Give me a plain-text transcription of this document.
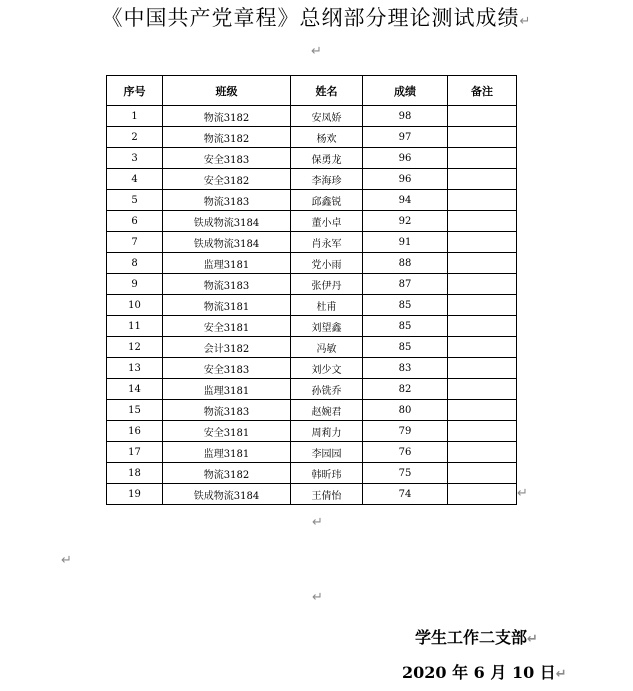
《中国共产党章程》总纲部分理论测试成绩↵
↵
序号	班级	姓名	成绩	备注
1	物流3182	安凤娇	98	
2	物流3182	杨欢	97	
3	安全3183	保勇龙	96	
4	安全3182	李海珍	96	
5	物流3183	邱鑫锐	94	
6	铁成物流3184	董小卓	92	
7	铁成物流3184	肖永军	91	
8	监理3181	党小雨	88	
9	物流3183	张伊丹	87	
10	物流3181	杜甫	85	
11	安全3181	刘望鑫	85	
12	会计3182	冯敏	85	
13	安全3183	刘少文	83	
14	监理3181	孙铣乔	82	
15	物流3183	赵婉君	80	
16	安全3181	周莉力	79	
17	监理3181	李园园	76	
18	物流3182	韩昕玮	75	
19	铁成物流3184	王倩怡	74		↵
↵
↵
↵
学生工作二支部↵
2020 年 6 月 10 日↵
